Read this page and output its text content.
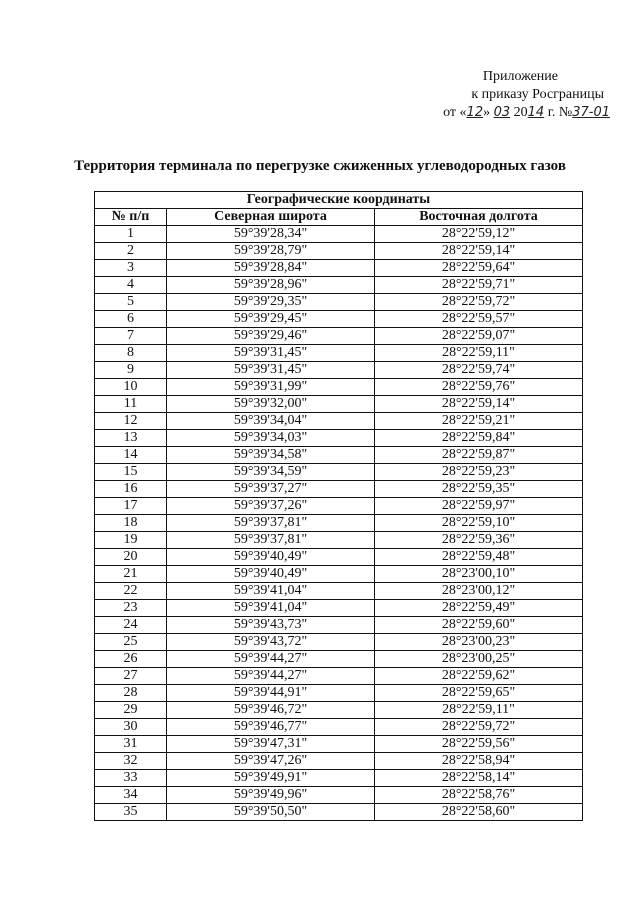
Приложение
к приказу Росграницы
от «12» 03 2014 г. №37-01
Территория терминала по перегрузке сжиженных углеводородных газов
Географические координаты		
№ п/п	Северная широта	Восточная долгота
1	59°39'28,34"	28°22'59,12"
2	59°39'28,79"	28°22'59,14"
3	59°39'28,84"	28°22'59,64"
4	59°39'28,96"	28°22'59,71"
5	59°39'29,35"	28°22'59,72"
6	59°39'29,45"	28°22'59,57"
7	59°39'29,46"	28°22'59,07"
8	59°39'31,45"	28°22'59,11"
9	59°39'31,45"	28°22'59,74"
10	59°39'31,99"	28°22'59,76"
11	59°39'32,00"	28°22'59,14"
12	59°39'34,04"	28°22'59,21"
13	59°39'34,03"	28°22'59,84"
14	59°39'34,58"	28°22'59,87"
15	59°39'34,59"	28°22'59,23"
16	59°39'37,27"	28°22'59,35"
17	59°39'37,26"	28°22'59,97"
18	59°39'37,81"	28°22'59,10"
19	59°39'37,81"	28°22'59,36"
20	59°39'40,49"	28°22'59,48"
21	59°39'40,49"	28°23'00,10"
22	59°39'41,04"	28°23'00,12"
23	59°39'41,04"	28°22'59,49"
24	59°39'43,73"	28°22'59,60"
25	59°39'43,72"	28°23'00,23"
26	59°39'44,27"	28°23'00,25"
27	59°39'44,27"	28°22'59,62"
28	59°39'44,91"	28°22'59,65"
29	59°39'46,72"	28°22'59,11"
30	59°39'46,77"	28°22'59,72"
31	59°39'47,31"	28°22'59,56"
32	59°39'47,26"	28°22'58,94"
33	59°39'49,91"	28°22'58,14"
34	59°39'49,96"	28°22'58,76"
35	59°39'50,50"	28°22'58,60"
